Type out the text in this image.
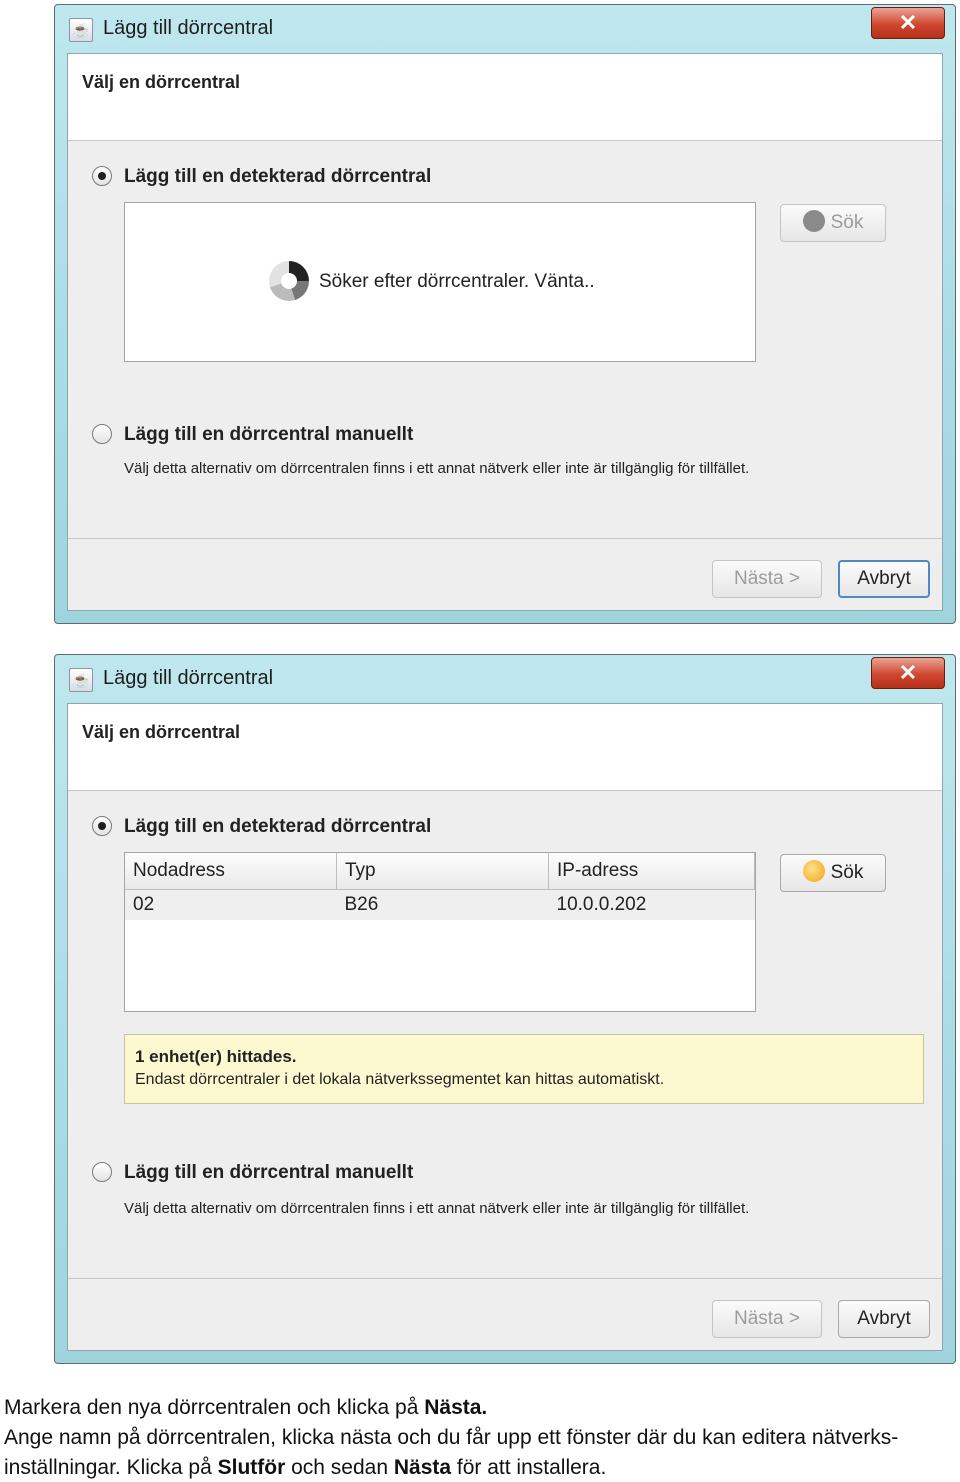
☕ Lägg till dörrcentral	✕
Välj en dörrcentral
Lägg till en detekterad dörrcentral
Söker efter dörrcentraler. Vänta..
Sök
Lägg till en dörrcentral manuellt
Välj detta alternativ om dörrcentralen finns i ett annat nätverk eller inte är tillgänglig för tillfället.
Nästa >	Avbryt
☕ Lägg till dörrcentral	✕
Välj en dörrcentral
Lägg till en detekterad dörrcentral
Nodadress	Typ	IP-adress
02	B26	10.0.0.202
Sök
1 enhet(er) hittades.
Endast dörrcentraler i det lokala nätverkssegmentet kan hittas automatiskt.
Lägg till en dörrcentral manuellt
Välj detta alternativ om dörrcentralen finns i ett annat nätverk eller inte är tillgänglig för tillfället.
Nästa >	Avbryt
Markera den nya dörrcentralen och klicka på Nästa.
Ange namn på dörrcentralen, klicka nästa och du får upp ett fönster där du kan editera nätverks-
inställningar. Klicka på Slutför och sedan Nästa för att installera.
